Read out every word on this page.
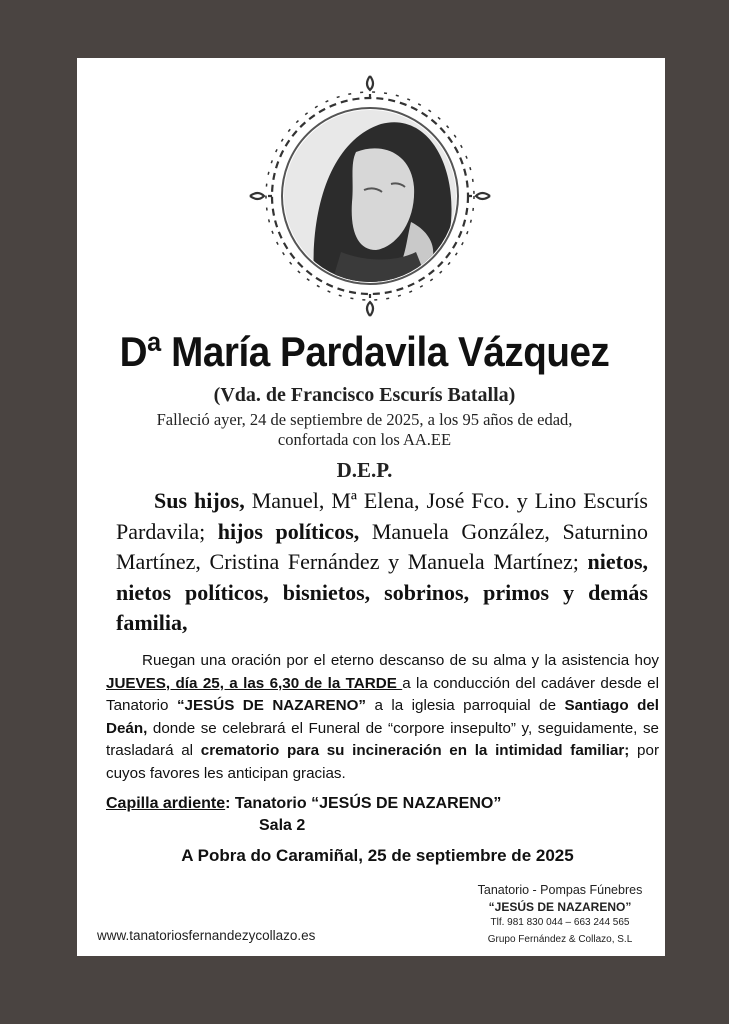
Dª María Pardavila Vázquez
(Vda. de Francisco Escurís Batalla)
Falleció ayer, 24 de septiembre de 2025, a los 95 años de edad,
confortada con los AA.EE
D.E.P.
Sus hijos, Manuel, Mª Elena, José Fco. y Lino Escurís Pardavila; hijos políticos, Manuela González, Saturnino Martínez, Cristina Fernández y Manuela Martínez; nietos, nietos políticos, bisnietos, sobrinos, primos y demás familia,
Ruegan una oración por el eterno descanso de su alma y la asistencia hoy JUEVES, día 25, a las 6,30 de la TARDE a la conducción del cadáver desde el Tanatorio “JESÚS DE NAZARENO” a la iglesia parroquial de Santiago del Deán, donde se celebrará el Funeral de “corpore insepulto” y, seguidamente, se trasladará al crematorio para su incineración en la intimidad familiar; por cuyos favores les anticipan gracias.
Capilla ardiente: Tanatorio “JESÚS DE NAZARENO”
Sala 2
A Pobra do Caramiñal, 25 de septiembre de 2025
Tanatorio - Pompas Fúnebres
“JESÚS DE NAZARENO”
Tlf. 981 830 044 – 663 244 565
Grupo Fernández & Collazo, S.L
www.tanatoriosfernandezycollazo.es
